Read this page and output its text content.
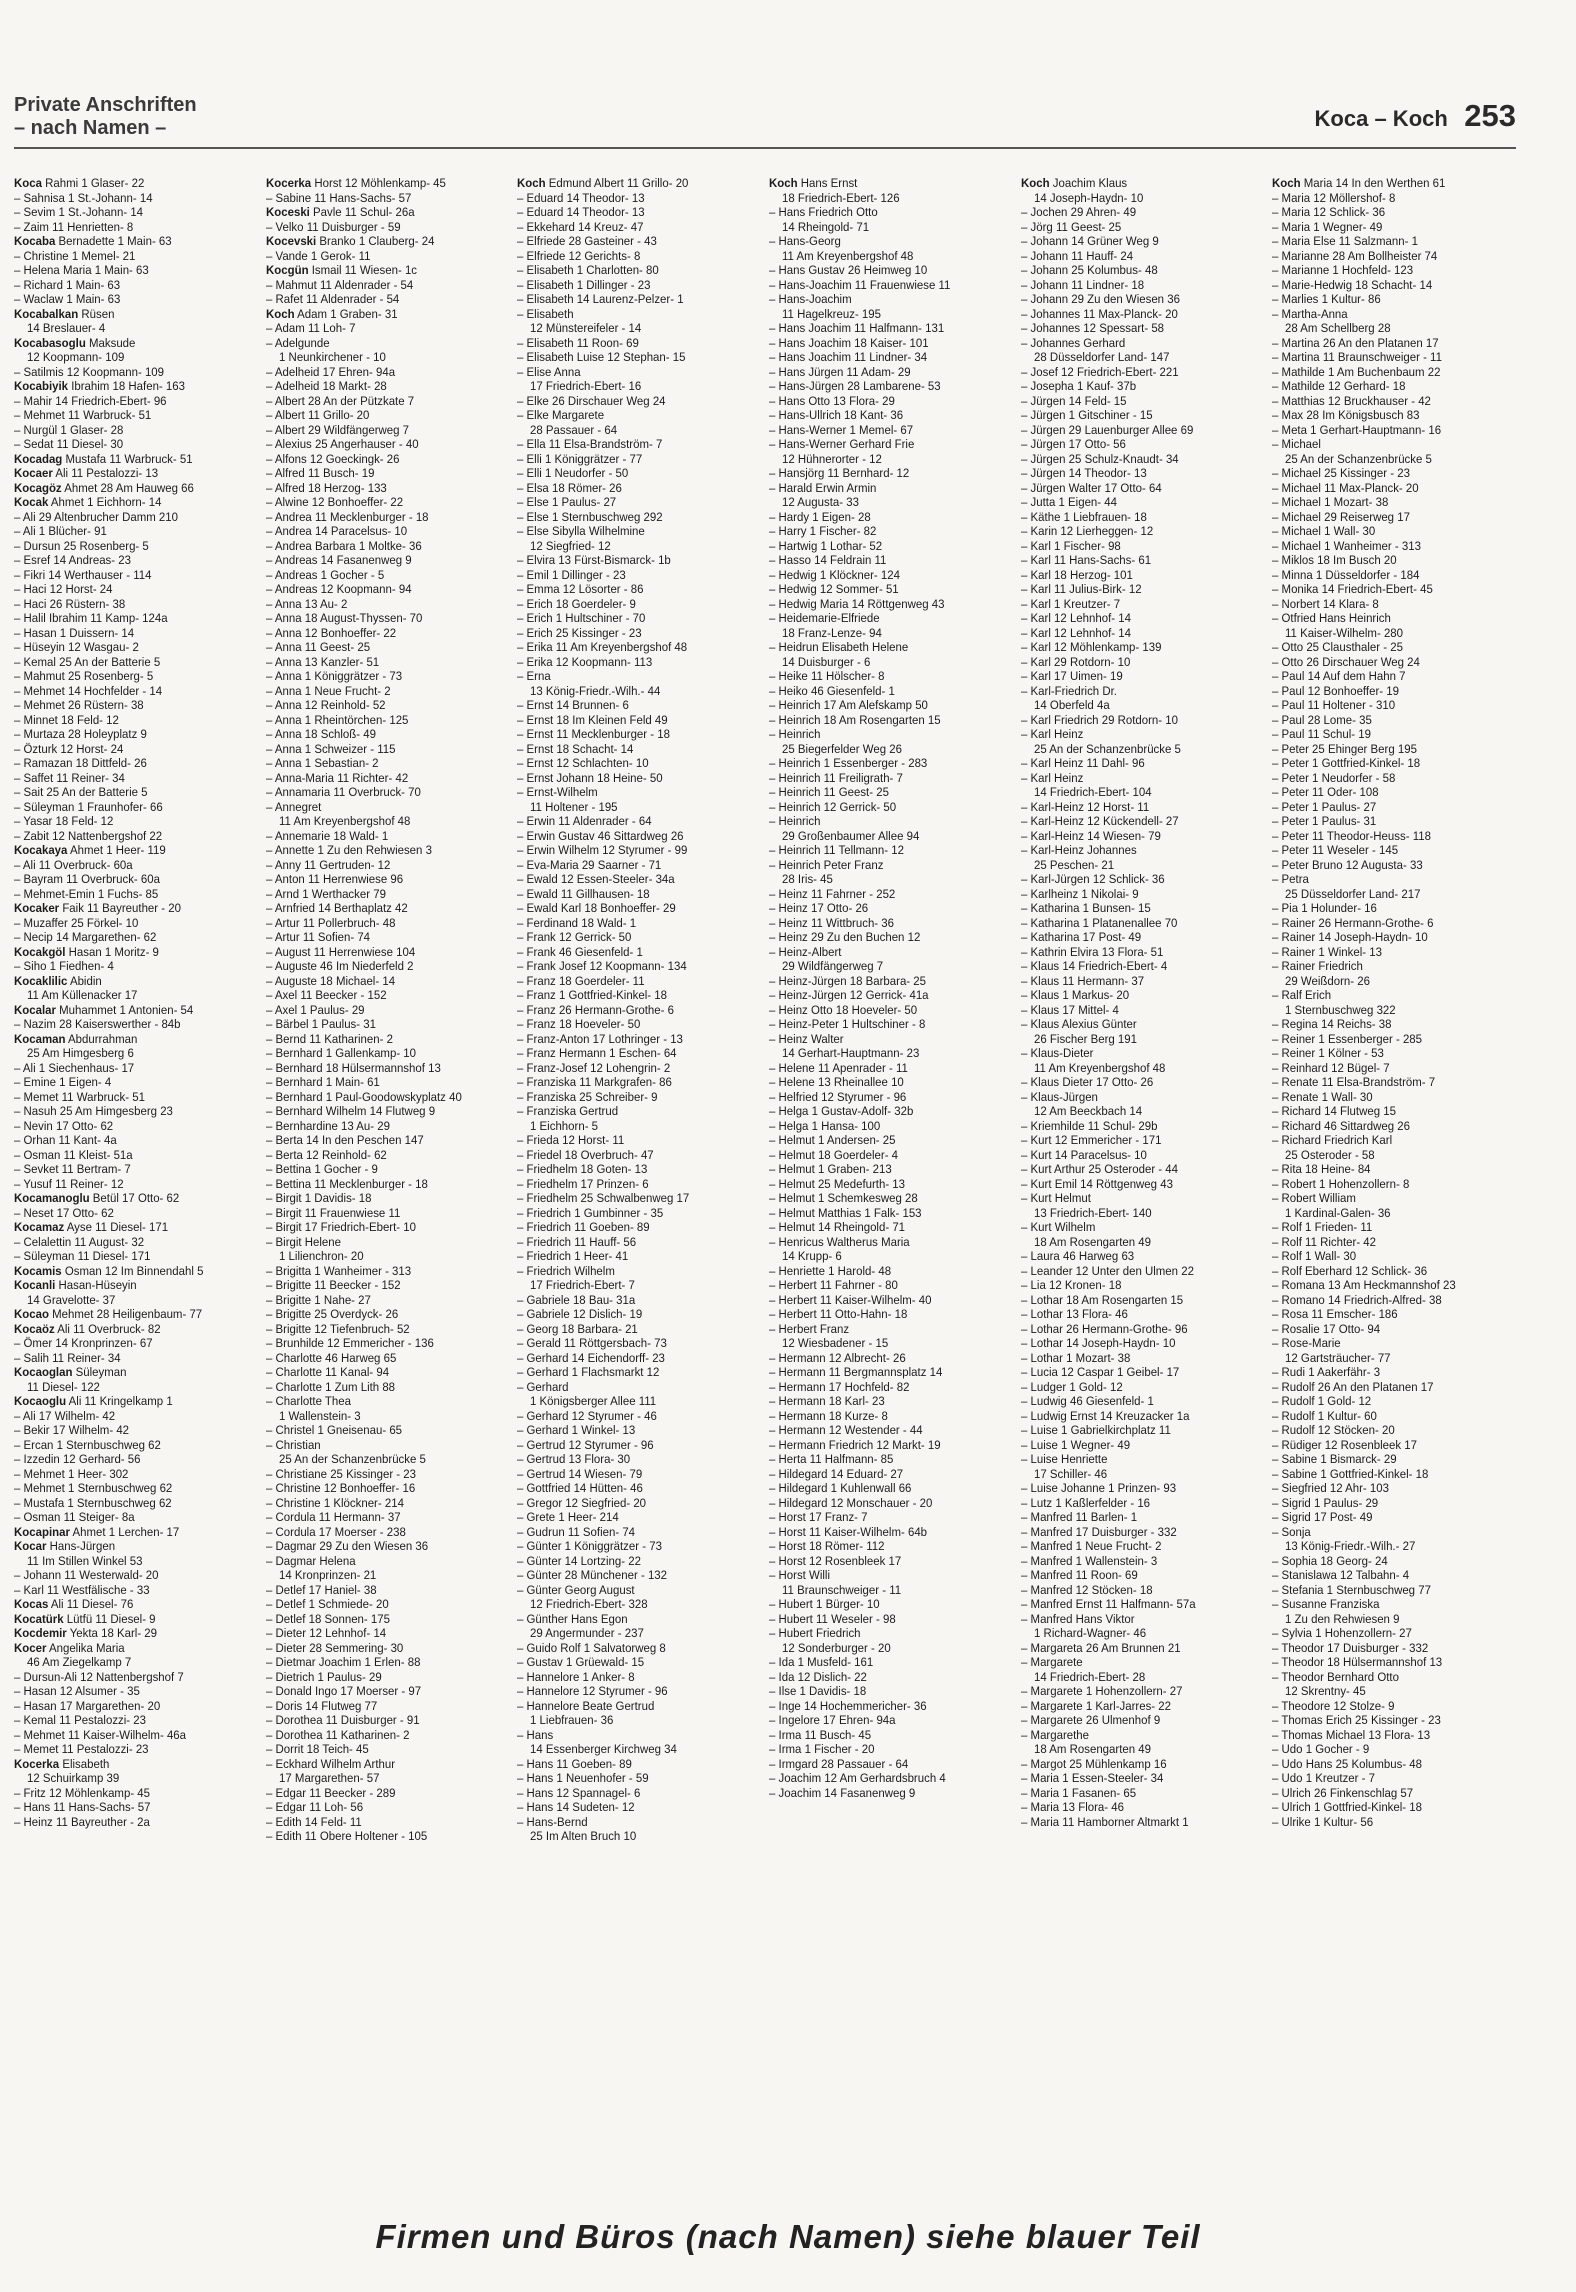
Private Anschriften
– nach Namen –	Koca – Koch 253
Koca Rahmi 1 Glaser- 22
– Sahnisa 1 St.-Johann- 14
– Sevim 1 St.-Johann- 14
– Zaim 11 Henrietten- 8
Kocaba Bernadette 1 Main- 63
– Christine 1 Memel- 21
– Helena Maria 1 Main- 63
– Richard 1 Main- 63
– Waclaw 1 Main- 63
Kocabalkan Rüsen
14 Breslauer- 4
Kocabasoglu Maksude
12 Koopmann- 109
– Satilmis 12 Koopmann- 109
Kocabiyik Ibrahim 18 Hafen- 163
– Mahir 14 Friedrich-Ebert- 96
– Mehmet 11 Warbruck- 51
– Nurgül 1 Glaser- 28
– Sedat 11 Diesel- 30
Kocadag Mustafa 11 Warbruck- 51
Kocaer Ali 11 Pestalozzi- 13
Kocagöz Ahmet 28 Am Hauweg 66
Kocak Ahmet 1 Eichhorn- 14
– Ali 29 Altenbrucher Damm 210
– Ali 1 Blücher- 91
– Dursun 25 Rosenberg- 5
– Esref 14 Andreas- 23
– Fikri 14 Werthauser - 114
– Haci 12 Horst- 24
– Haci 26 Rüstern- 38
– Halil Ibrahim 11 Kamp- 124a
– Hasan 1 Duissern- 14
– Hüseyin 12 Wasgau- 2
– Kemal 25 An der Batterie 5
– Mahmut 25 Rosenberg- 5
– Mehmet 14 Hochfelder - 14
– Mehmet 26 Rüstern- 38
– Minnet 18 Feld- 12
– Murtaza 28 Holeyplatz 9
– Özturk 12 Horst- 24
– Ramazan 18 Dittfeld- 26
– Saffet 11 Reiner- 34
– Sait 25 An der Batterie 5
– Süleyman 1 Fraunhofer- 66
– Yasar 18 Feld- 12
– Zabit 12 Nattenbergshof 22
Kocakaya Ahmet 1 Heer- 119
– Ali 11 Overbruck- 60a
– Bayram 11 Overbruck- 60a
– Mehmet-Emin 1 Fuchs- 85
Kocaker Faik 11 Bayreuther - 20
– Muzaffer 25 Förkel- 10
– Necip 14 Margarethen- 62
Kocakgöl Hasan 1 Moritz- 9
– Siho 1 Fiedhen- 4
Kocaklilic Abidin
11 Am Küllenacker 17
Kocalar Muhammet 1 Antonien- 54
– Nazim 28 Kaiserswerther - 84b
Kocaman Abdurrahman
25 Am Himgesberg 6
– Ali 1 Siechenhaus- 17
– Emine 1 Eigen- 4
– Memet 11 Warbruck- 51
– Nasuh 25 Am Himgesberg 23
– Nevin 17 Otto- 62
– Orhan 11 Kant- 4a
– Osman 11 Kleist- 51a
– Sevket 11 Bertram- 7
– Yusuf 11 Reiner- 12
Kocamanoglu Betül 17 Otto- 62
– Neset 17 Otto- 62
Kocamaz Ayse 11 Diesel- 171
– Celalettin 11 August- 32
– Süleyman 11 Diesel- 171
Kocamis Osman 12 Im Binnendahl 5
Kocanli Hasan-Hüseyin
14 Gravelotte- 37
Kocao Mehmet 28 Heiligenbaum- 77
Kocaöz Ali 11 Overbruck- 82
– Ömer 14 Kronprinzen- 67
– Salih 11 Reiner- 34
Kocaoglan Süleyman
11 Diesel- 122
Kocaoglu Ali 11 Kringelkamp 1
– Ali 17 Wilhelm- 42
– Bekir 17 Wilhelm- 42
– Ercan 1 Sternbuschweg 62
– Izzedin 12 Gerhard- 56
– Mehmet 1 Heer- 302
– Mehmet 1 Sternbuschweg 62
– Mustafa 1 Sternbuschweg 62
– Osman 11 Steiger- 8a
Kocapinar Ahmet 1 Lerchen- 17
Kocar Hans-Jürgen
11 Im Stillen Winkel 53
– Johann 11 Westerwald- 20
– Karl 11 Westfälische - 33
Kocas Ali 11 Diesel- 76
Kocatürk Lütfü 11 Diesel- 9
Kocdemir Yekta 18 Karl- 29
Kocer Angelika Maria
46 Am Ziegelkamp 7
– Dursun-Ali 12 Nattenbergshof 7
– Hasan 12 Alsumer - 35
– Hasan 17 Margarethen- 20
– Kemal 11 Pestalozzi- 23
– Mehmet 11 Kaiser-Wilhelm- 46a
– Memet 11 Pestalozzi- 23
Kocerka Elisabeth
12 Schuirkamp 39
– Fritz 12 Möhlenkamp- 45
– Hans 11 Hans-Sachs- 57
– Heinz 11 Bayreuther - 2a
Kocerka Horst 12 Möhlenkamp- 45
– Sabine 11 Hans-Sachs- 57
Koceski Pavle 11 Schul- 26a
– Velko 11 Duisburger - 59
Kocevski Branko 1 Clauberg- 24
– Vande 1 Gerok- 11
Kocgün Ismail 11 Wiesen- 1c
– Mahmut 11 Aldenrader - 54
– Rafet 11 Aldenrader - 54
Koch Adam 1 Graben- 31
– Adam 11 Loh- 7
– Adelgunde
1 Neunkirchener - 10
– Adelheid 17 Ehren- 94a
– Adelheid 18 Markt- 28
– Albert 28 An der Pützkate 7
– Albert 11 Grillo- 20
– Albert 29 Wildfängerweg 7
– Alexius 25 Angerhauser - 40
– Alfons 12 Goeckingk- 26
– Alfred 11 Busch- 19
– Alfred 18 Herzog- 133
– Alwine 12 Bonhoeffer- 22
– Andrea 11 Mecklenburger - 18
– Andrea 14 Paracelsus- 10
– Andrea Barbara 1 Moltke- 36
– Andreas 14 Fasanenweg 9
– Andreas 1 Gocher - 5
– Andreas 12 Koopmann- 94
– Anna 13 Au- 2
– Anna 18 August-Thyssen- 70
– Anna 12 Bonhoeffer- 22
– Anna 11 Geest- 25
– Anna 13 Kanzler- 51
– Anna 1 Königgrätzer - 73
– Anna 1 Neue Frucht- 2
– Anna 12 Reinhold- 52
– Anna 1 Rheintörchen- 125
– Anna 18 Schloß- 49
– Anna 1 Schweizer - 115
– Anna 1 Sebastian- 2
– Anna-Maria 11 Richter- 42
– Annamaria 11 Overbruck- 70
– Annegret
11 Am Kreyenbergshof 48
– Annemarie 18 Wald- 1
– Annette 1 Zu den Rehwiesen 3
– Anny 11 Gertruden- 12
– Anton 11 Herrenwiese 96
– Arnd 1 Werthacker 79
– Arnfried 14 Berthaplatz 42
– Artur 11 Pollerbruch- 48
– Artur 11 Sofien- 74
– August 11 Herrenwiese 104
– Auguste 46 Im Niederfeld 2
– Auguste 18 Michael- 14
– Axel 11 Beecker - 152
– Axel 1 Paulus- 29
– Bärbel 1 Paulus- 31
– Bernd 11 Katharinen- 2
– Bernhard 1 Gallenkamp- 10
– Bernhard 18 Hülsermannshof 13
– Bernhard 1 Main- 61
– Bernhard 1 Paul-Goodowskyplatz 40
– Bernhard Wilhelm 14 Flutweg 9
– Bernhardine 13 Au- 29
– Berta 14 In den Peschen 147
– Berta 12 Reinhold- 62
– Bettina 1 Gocher - 9
– Bettina 11 Mecklenburger - 18
– Birgit 1 Davidis- 18
– Birgit 11 Frauenwiese 11
– Birgit 17 Friedrich-Ebert- 10
– Birgit Helene
1 Lilienchron- 20
– Brigitta 1 Wanheimer - 313
– Brigitte 11 Beecker - 152
– Brigitte 1 Nahe- 27
– Brigitte 25 Overdyck- 26
– Brigitte 12 Tiefenbruch- 52
– Brunhilde 12 Emmericher - 136
– Charlotte 46 Harweg 65
– Charlotte 11 Kanal- 94
– Charlotte 1 Zum Lith 88
– Charlotte Thea
1 Wallenstein- 3
– Christel 1 Gneisenau- 65
– Christian
25 An der Schanzenbrücke 5
– Christiane 25 Kissinger - 23
– Christine 12 Bonhoeffer- 16
– Christine 1 Klöckner- 214
– Cordula 11 Hermann- 37
– Cordula 17 Moerser - 238
– Dagmar 29 Zu den Wiesen 36
– Dagmar Helena
14 Kronprinzen- 21
– Detlef 17 Haniel- 38
– Detlef 1 Schmiede- 20
– Detlef 18 Sonnen- 175
– Dieter 12 Lehnhof- 14
– Dieter 28 Semmering- 30
– Dietmar Joachim 1 Erlen- 88
– Dietrich 1 Paulus- 29
– Donald Ingo 17 Moerser - 97
– Doris 14 Flutweg 77
– Dorothea 11 Duisburger - 91
– Dorothea 11 Katharinen- 2
– Dorrit 18 Teich- 45
– Eckhard Wilhelm Arthur
17 Margarethen- 57
– Edgar 11 Beecker - 289
– Edgar 11 Loh- 56
– Edith 14 Feld- 11
– Edith 11 Obere Holtener - 105
Koch Edmund Albert 11 Grillo- 20
– Eduard 14 Theodor- 13
– Eduard 14 Theodor- 13
– Ekkehard 14 Kreuz- 47
– Elfriede 28 Gasteiner - 43
– Elfriede 12 Gerichts- 8
– Elisabeth 1 Charlotten- 80
– Elisabeth 1 Dillinger - 23
– Elisabeth 14 Laurenz-Pelzer- 1
– Elisabeth
12 Münstereifeler - 14
– Elisabeth 11 Roon- 69
– Elisabeth Luise 12 Stephan- 15
– Elise Anna
17 Friedrich-Ebert- 16
– Elke 26 Dirschauer Weg 24
– Elke Margarete
28 Passauer - 64
– Ella 11 Elsa-Brandström- 7
– Elli 1 Königgrätzer - 77
– Elli 1 Neudorfer - 50
– Elsa 18 Römer- 26
– Else 1 Paulus- 27
– Else 1 Sternbuschweg 292
– Else Sibylla Wilhelmine
12 Siegfried- 12
– Elvira 13 Fürst-Bismarck- 1b
– Emil 1 Dillinger - 23
– Emma 12 Lösorter - 86
– Erich 18 Goerdeler- 9
– Erich 1 Hultschiner - 70
– Erich 25 Kissinger - 23
– Erika 11 Am Kreyenbergshof 48
– Erika 12 Koopmann- 113
– Erna
13 König-Friedr.-Wilh.- 44
– Ernst 14 Brunnen- 6
– Ernst 18 Im Kleinen Feld 49
– Ernst 11 Mecklenburger - 18
– Ernst 18 Schacht- 14
– Ernst 12 Schlachten- 10
– Ernst Johann 18 Heine- 50
– Ernst-Wilhelm
11 Holtener - 195
– Erwin 11 Aldenrader - 64
– Erwin Gustav 46 Sittardweg 26
– Erwin Wilhelm 12 Styrumer - 99
– Eva-Maria 29 Saarner - 71
– Ewald 12 Essen-Steeler- 34a
– Ewald 11 Gillhausen- 18
– Ewald Karl 18 Bonhoeffer- 29
– Ferdinand 18 Wald- 1
– Frank 12 Gerrick- 50
– Frank 46 Giesenfeld- 1
– Frank Josef 12 Koopmann- 134
– Franz 18 Goerdeler- 11
– Franz 1 Gottfried-Kinkel- 18
– Franz 26 Hermann-Grothe- 6
– Franz 18 Hoeveler- 50
– Franz-Anton 17 Lothringer - 13
– Franz Hermann 1 Eschen- 64
– Franz-Josef 12 Lohengrin- 2
– Franziska 11 Markgrafen- 86
– Franziska 25 Schreiber- 9
– Franziska Gertrud
1 Eichhorn- 5
– Frieda 12 Horst- 11
– Friedel 18 Overbruch- 47
– Friedhelm 18 Goten- 13
– Friedhelm 17 Prinzen- 6
– Friedhelm 25 Schwalbenweg 17
– Friedrich 1 Gumbinner - 35
– Friedrich 11 Goeben- 89
– Friedrich 11 Hauff- 56
– Friedrich 1 Heer- 41
– Friedrich Wilhelm
17 Friedrich-Ebert- 7
– Gabriele 18 Bau- 31a
– Gabriele 12 Dislich- 19
– Georg 18 Barbara- 21
– Gerald 11 Röttgersbach- 73
– Gerhard 14 Eichendorff- 23
– Gerhard 1 Flachsmarkt 12
– Gerhard
1 Königsberger Allee 111
– Gerhard 12 Styrumer - 46
– Gerhard 1 Winkel- 13
– Gertrud 12 Styrumer - 96
– Gertrud 13 Flora- 30
– Gertrud 14 Wiesen- 79
– Gottfried 14 Hütten- 46
– Gregor 12 Siegfried- 20
– Grete 1 Heer- 214
– Gudrun 11 Sofien- 74
– Günter 1 Königgrätzer - 73
– Günter 14 Lortzing- 22
– Günter 28 Münchener - 132
– Günter Georg August
12 Friedrich-Ebert- 328
– Günther Hans Egon
29 Angermunder - 237
– Guido Rolf 1 Salvatorweg 8
– Gustav 1 Grüewald- 15
– Hannelore 1 Anker- 8
– Hannelore 12 Styrumer - 96
– Hannelore Beate Gertrud
1 Liebfrauen- 36
– Hans
14 Essenberger Kirchweg 34
– Hans 11 Goeben- 89
– Hans 1 Neuenhofer - 59
– Hans 12 Spannagel- 6
– Hans 14 Sudeten- 12
– Hans-Bernd
25 Im Alten Bruch 10
Koch Hans Ernst
18 Friedrich-Ebert- 126
– Hans Friedrich Otto
14 Rheingold- 71
– Hans-Georg
11 Am Kreyenbergshof 48
– Hans Gustav 26 Heimweg 10
– Hans-Joachim 11 Frauenwiese 11
– Hans-Joachim
11 Hagelkreuz- 195
– Hans Joachim 11 Halfmann- 131
– Hans Joachim 18 Kaiser- 101
– Hans Joachim 11 Lindner- 34
– Hans Jürgen 11 Adam- 29
– Hans-Jürgen 28 Lambarene- 53
– Hans Otto 13 Flora- 29
– Hans-Ullrich 18 Kant- 36
– Hans-Werner 1 Memel- 67
– Hans-Werner Gerhard Frie
12 Hühnerorter - 12
– Hansjörg 11 Bernhard- 12
– Harald Erwin Armin
12 Augusta- 33
– Hardy 1 Eigen- 28
– Harry 1 Fischer- 82
– Hartwig 1 Lothar- 52
– Hasso 14 Feldrain 11
– Hedwig 1 Klöckner- 124
– Hedwig 12 Sommer- 51
– Hedwig Maria 14 Röttgenweg 43
– Heidemarie-Elfriede
18 Franz-Lenze- 94
– Heidrun Elisabeth Helene
14 Duisburger - 6
– Heike 11 Hölscher- 8
– Heiko 46 Giesenfeld- 1
– Heinrich 17 Am Alefskamp 50
– Heinrich 18 Am Rosengarten 15
– Heinrich
25 Biegerfelder Weg 26
– Heinrich 1 Essenberger - 283
– Heinrich 11 Freiligrath- 7
– Heinrich 11 Geest- 25
– Heinrich 12 Gerrick- 50
– Heinrich
29 Großenbaumer Allee 94
– Heinrich 11 Tellmann- 12
– Heinrich Peter Franz
28 Iris- 45
– Heinz 11 Fahrner - 252
– Heinz 17 Otto- 26
– Heinz 11 Wittbruch- 36
– Heinz 29 Zu den Buchen 12
– Heinz-Albert
29 Wildfängerweg 7
– Heinz-Jürgen 18 Barbara- 25
– Heinz-Jürgen 12 Gerrick- 41a
– Heinz Otto 18 Hoeveler- 50
– Heinz-Peter 1 Hultschiner - 8
– Heinz Walter
14 Gerhart-Hauptmann- 23
– Helene 11 Apenrader - 11
– Helene 13 Rheinallee 10
– Helfried 12 Styrumer - 96
– Helga 1 Gustav-Adolf- 32b
– Helga 1 Hansa- 100
– Helmut 1 Andersen- 25
– Helmut 18 Goerdeler- 4
– Helmut 1 Graben- 213
– Helmut 25 Medefurth- 13
– Helmut 1 Schemkesweg 28
– Helmut Matthias 1 Falk- 153
– Helmut 14 Rheingold- 71
– Henricus Waltherus Maria
14 Krupp- 6
– Henriette 1 Harold- 48
– Herbert 11 Fahrner - 80
– Herbert 11 Kaiser-Wilhelm- 40
– Herbert 11 Otto-Hahn- 18
– Herbert Franz
12 Wiesbadener - 15
– Hermann 12 Albrecht- 26
– Hermann 11 Bergmannsplatz 14
– Hermann 17 Hochfeld- 82
– Hermann 18 Karl- 23
– Hermann 18 Kurze- 8
– Hermann 12 Westender - 44
– Hermann Friedrich 12 Markt- 19
– Herta 11 Halfmann- 85
– Hildegard 14 Eduard- 27
– Hildegard 1 Kuhlenwall 66
– Hildegard 12 Monschauer - 20
– Horst 17 Franz- 7
– Horst 11 Kaiser-Wilhelm- 64b
– Horst 18 Römer- 112
– Horst 12 Rosenbleek 17
– Horst Willi
11 Braunschweiger - 11
– Hubert 1 Bürger- 10
– Hubert 11 Weseler - 98
– Hubert Friedrich
12 Sonderburger - 20
– Ida 1 Musfeld- 161
– Ida 12 Dislich- 22
– Ilse 1 Davidis- 18
– Inge 14 Hochemmericher- 36
– Ingelore 17 Ehren- 94a
– Irma 11 Busch- 45
– Irma 1 Fischer - 20
– Irmgard 28 Passauer - 64
– Joachim 12 Am Gerhardsbruch 4
– Joachim 14 Fasanenweg 9
Koch Joachim Klaus
14 Joseph-Haydn- 10
– Jochen 29 Ahren- 49
– Jörg 11 Geest- 25
– Johann 14 Grüner Weg 9
– Johann 11 Hauff- 24
– Johann 25 Kolumbus- 48
– Johann 11 Lindner- 18
– Johann 29 Zu den Wiesen 36
– Johannes 11 Max-Planck- 20
– Johannes 12 Spessart- 58
– Johannes Gerhard
28 Düsseldorfer Land- 147
– Josef 12 Friedrich-Ebert- 221
– Josepha 1 Kauf- 37b
– Jürgen 14 Feld- 15
– Jürgen 1 Gitschiner - 15
– Jürgen 29 Lauenburger Allee 69
– Jürgen 17 Otto- 56
– Jürgen 25 Schulz-Knaudt- 34
– Jürgen 14 Theodor- 13
– Jürgen Walter 17 Otto- 64
– Jutta 1 Eigen- 44
– Käthe 1 Liebfrauen- 18
– Karin 12 Lierheggen- 12
– Karl 1 Fischer- 98
– Karl 11 Hans-Sachs- 61
– Karl 18 Herzog- 101
– Karl 11 Julius-Birk- 12
– Karl 1 Kreutzer- 7
– Karl 12 Lehnhof- 14
– Karl 12 Lehnhof- 14
– Karl 12 Möhlenkamp- 139
– Karl 29 Rotdorn- 10
– Karl 17 Uimen- 19
– Karl-Friedrich Dr.
14 Oberfeld 4a
– Karl Friedrich 29 Rotdorn- 10
– Karl Heinz
25 An der Schanzenbrücke 5
– Karl Heinz 11 Dahl- 96
– Karl Heinz
14 Friedrich-Ebert- 104
– Karl-Heinz 12 Horst- 11
– Karl-Heinz 12 Kückendell- 27
– Karl-Heinz 14 Wiesen- 79
– Karl-Heinz Johannes
25 Peschen- 21
– Karl-Jürgen 12 Schlick- 36
– Karlheinz 1 Nikolai- 9
– Katharina 1 Bunsen- 15
– Katharina 1 Platanenallee 70
– Katharina 17 Post- 49
– Kathrin Elvira 13 Flora- 51
– Klaus 14 Friedrich-Ebert- 4
– Klaus 11 Hermann- 37
– Klaus 1 Markus- 20
– Klaus 17 Mittel- 4
– Klaus Alexius Günter
26 Fischer Berg 191
– Klaus-Dieter
11 Am Kreyenbergshof 48
– Klaus Dieter 17 Otto- 26
– Klaus-Jürgen
12 Am Beeckbach 14
– Kriemhilde 11 Schul- 29b
– Kurt 12 Emmericher - 171
– Kurt 14 Paracelsus- 10
– Kurt Arthur 25 Osteroder - 44
– Kurt Emil 14 Röttgenweg 43
– Kurt Helmut
13 Friedrich-Ebert- 140
– Kurt Wilhelm
18 Am Rosengarten 49
– Laura 46 Harweg 63
– Leander 12 Unter den Ulmen 22
– Lia 12 Kronen- 18
– Lothar 18 Am Rosengarten 15
– Lothar 13 Flora- 46
– Lothar 26 Hermann-Grothe- 96
– Lothar 14 Joseph-Haydn- 10
– Lothar 1 Mozart- 38
– Lucia 12 Caspar 1 Geibel- 17
– Ludger 1 Gold- 12
– Ludwig 46 Giesenfeld- 1
– Ludwig Ernst 14 Kreuzacker 1a
– Luise 1 Gabrielkirchplatz 11
– Luise 1 Wegner- 49
– Luise Henriette
17 Schiller- 46
– Luise Johanne 1 Prinzen- 93
– Lutz 1 Kaßlerfelder - 16
– Manfred 11 Barlen- 1
– Manfred 17 Duisburger - 332
– Manfred 1 Neue Frucht- 2
– Manfred 1 Wallenstein- 3
– Manfred 11 Roon- 69
– Manfred 12 Stöcken- 18
– Manfred Ernst 11 Halfmann- 57a
– Manfred Hans Viktor
1 Richard-Wagner- 46
– Margareta 26 Am Brunnen 21
– Margarete
14 Friedrich-Ebert- 28
– Margarete 1 Hohenzollern- 27
– Margarete 1 Karl-Jarres- 22
– Margarete 26 Ulmenhof 9
– Margarethe
18 Am Rosengarten 49
– Margot 25 Mühlenkamp 16
– Maria 1 Essen-Steeler- 34
– Maria 1 Fasanen- 65
– Maria 13 Flora- 46
– Maria 11 Hamborner Altmarkt 1
Koch Maria 14 In den Werthen 61
– Maria 12 Möllershof- 8
– Maria 12 Schlick- 36
– Maria 1 Wegner- 49
– Maria Else 11 Salzmann- 1
– Marianne 28 Am Bollheister 74
– Marianne 1 Hochfeld- 123
– Marie-Hedwig 18 Schacht- 14
– Marlies 1 Kultur- 86
– Martha-Anna
28 Am Schellberg 28
– Martina 26 An den Platanen 17
– Martina 11 Braunschweiger - 11
– Mathilde 1 Am Buchenbaum 22
– Mathilde 12 Gerhard- 18
– Matthias 12 Bruckhauser - 42
– Max 28 Im Königsbusch 83
– Meta 1 Gerhart-Hauptmann- 16
– Michael
25 An der Schanzenbrücke 5
– Michael 25 Kissinger - 23
– Michael 11 Max-Planck- 20
– Michael 1 Mozart- 38
– Michael 29 Reiserweg 17
– Michael 1 Wall- 30
– Michael 1 Wanheimer - 313
– Miklos 18 Im Busch 20
– Minna 1 Düsseldorfer - 184
– Monika 14 Friedrich-Ebert- 45
– Norbert 14 Klara- 8
– Otfried Hans Heinrich
11 Kaiser-Wilhelm- 280
– Otto 25 Clausthaler - 25
– Otto 26 Dirschauer Weg 24
– Paul 14 Auf dem Hahn 7
– Paul 12 Bonhoeffer- 19
– Paul 11 Holtener - 310
– Paul 28 Lome- 35
– Paul 11 Schul- 19
– Peter 25 Ehinger Berg 195
– Peter 1 Gottfried-Kinkel- 18
– Peter 1 Neudorfer - 58
– Peter 11 Oder- 108
– Peter 1 Paulus- 27
– Peter 1 Paulus- 31
– Peter 11 Theodor-Heuss- 118
– Peter 11 Weseler - 145
– Peter Bruno 12 Augusta- 33
– Petra
25 Düsseldorfer Land- 217
– Pia 1 Holunder- 16
– Rainer 26 Hermann-Grothe- 6
– Rainer 14 Joseph-Haydn- 10
– Rainer 1 Winkel- 13
– Rainer Friedrich
29 Weißdorn- 26
– Ralf Erich
1 Sternbuschweg 322
– Regina 14 Reichs- 38
– Reiner 1 Essenberger - 285
– Reiner 1 Kölner - 53
– Reinhard 12 Bügel- 7
– Renate 11 Elsa-Brandström- 7
– Renate 1 Wall- 30
– Richard 14 Flutweg 15
– Richard 46 Sittardweg 26
– Richard Friedrich Karl
25 Osteroder - 58
– Rita 18 Heine- 84
– Robert 1 Hohenzollern- 8
– Robert William
1 Kardinal-Galen- 36
– Rolf 1 Frieden- 11
– Rolf 11 Richter- 42
– Rolf 1 Wall- 30
– Rolf Eberhard 12 Schlick- 36
– Romana 13 Am Heckmannshof 23
– Romano 14 Friedrich-Alfred- 38
– Rosa 11 Emscher- 186
– Rosalie 17 Otto- 94
– Rose-Marie
12 Gartsträucher- 77
– Rudi 1 Aakerfähr- 3
– Rudolf 26 An den Platanen 17
– Rudolf 1 Gold- 12
– Rudolf 1 Kultur- 60
– Rudolf 12 Stöcken- 20
– Rüdiger 12 Rosenbleek 17
– Sabine 1 Bismarck- 29
– Sabine 1 Gottfried-Kinkel- 18
– Siegfried 12 Ahr- 103
– Sigrid 1 Paulus- 29
– Sigrid 17 Post- 49
– Sonja
13 König-Friedr.-Wilh.- 27
– Sophia 18 Georg- 24
– Stanislawa 12 Talbahn- 4
– Stefania 1 Sternbuschweg 77
– Susanne Franziska
1 Zu den Rehwiesen 9
– Sylvia 1 Hohenzollern- 27
– Theodor 17 Duisburger - 332
– Theodor 18 Hülsermannshof 13
– Theodor Bernhard Otto
12 Skrentny- 45
– Theodore 12 Stolze- 9
– Thomas Erich 25 Kissinger - 23
– Thomas Michael 13 Flora- 13
– Udo 1 Gocher - 9
– Udo Hans 25 Kolumbus- 48
– Udo 1 Kreutzer - 7
– Ulrich 26 Finkenschlag 57
– Ulrich 1 Gottfried-Kinkel- 18
– Ulrike 1 Kultur- 56
Firmen und Büros (nach Namen) siehe blauer Teil
